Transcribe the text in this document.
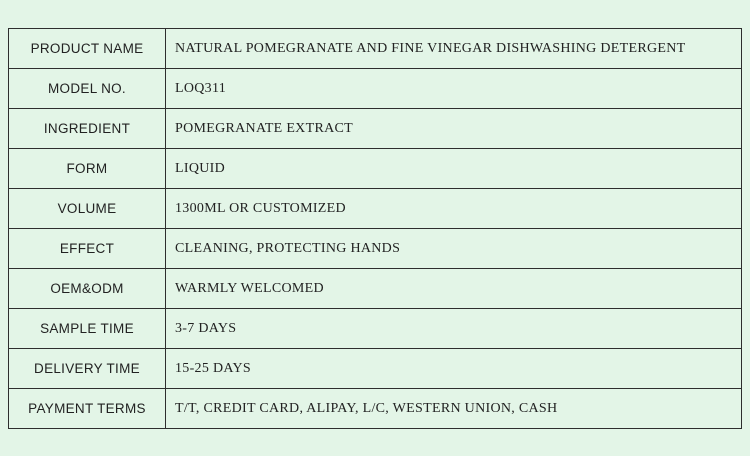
PRODUCT NAME	NATURAL POMEGRANATE AND FINE VINEGAR DISHWASHING DETERGENT
MODEL NO.	LOQ311
INGREDIENT	POMEGRANATE EXTRACT
FORM	LIQUID
VOLUME	1300ML OR CUSTOMIZED
EFFECT	CLEANING, PROTECTING HANDS
OEM&ODM	WARMLY WELCOMED
SAMPLE TIME	3-7 DAYS
DELIVERY TIME	15-25 DAYS
PAYMENT TERMS	T/T, CREDIT CARD, ALIPAY, L/C, WESTERN UNION, CASH
